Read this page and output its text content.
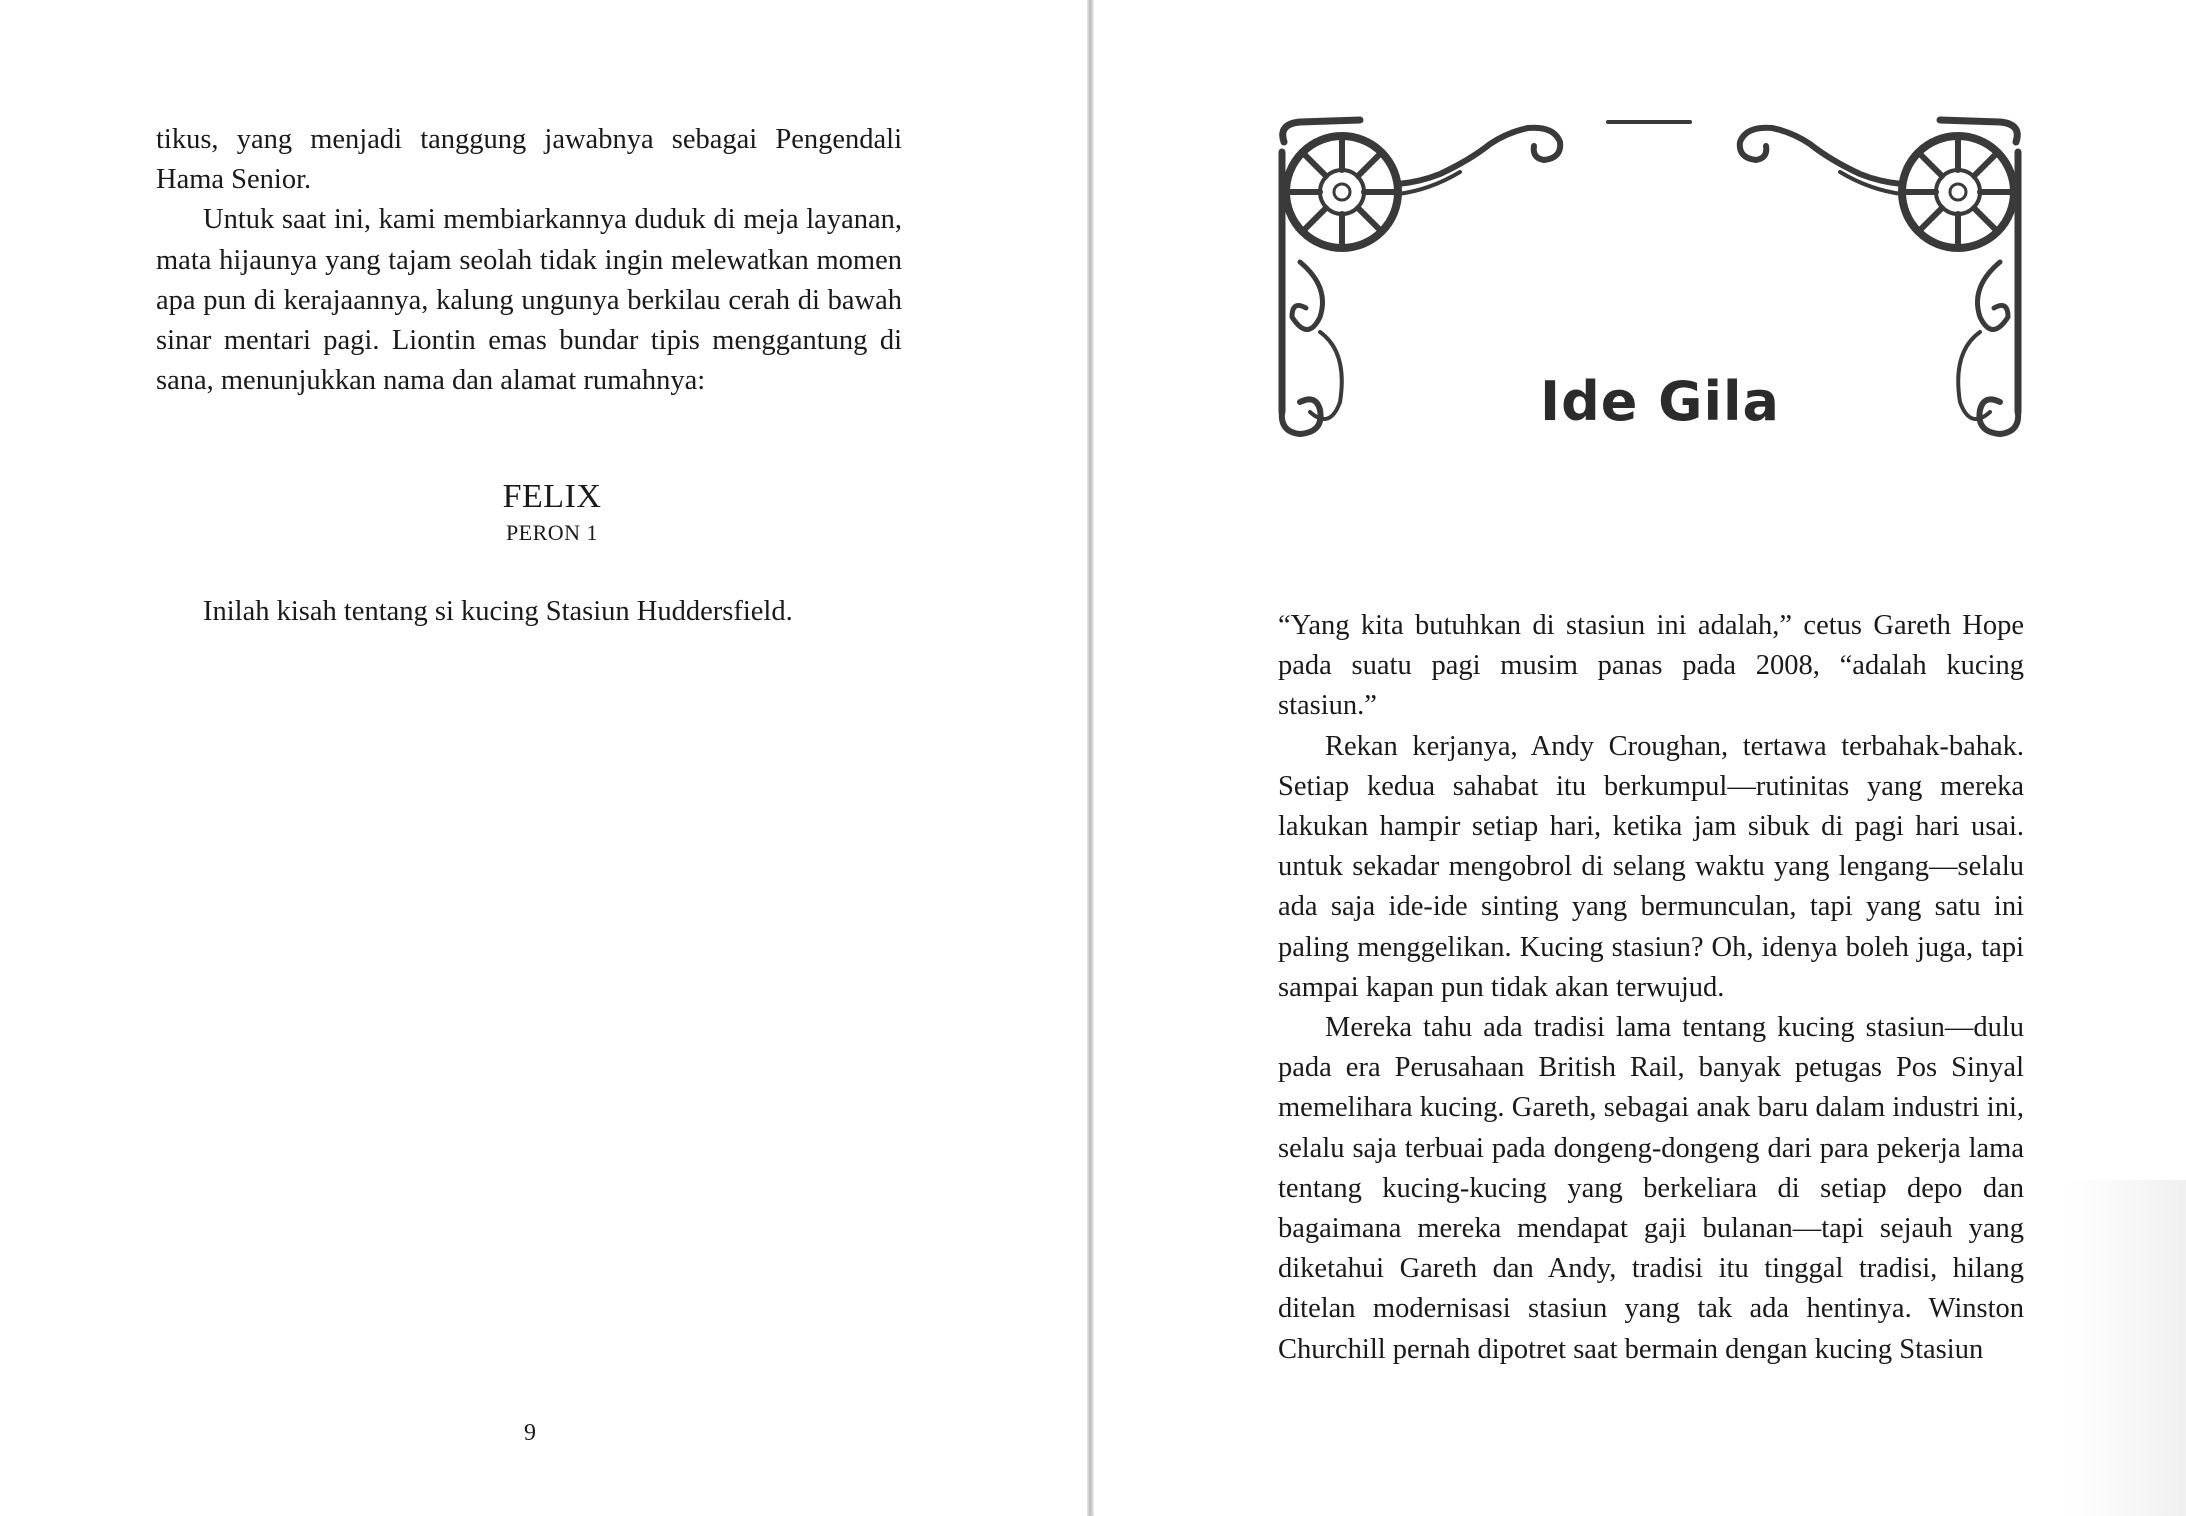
tikus, yang menjadi tanggung jawabnya sebagai Pengendali Hama Senior.

Untuk saat ini, kami membiarkannya duduk di meja layanan, mata hijaunya yang tajam seolah tidak ingin melewatkan momen apa pun di kerajaannya, kalung ungunya berkilau cerah di bawah sinar mentari pagi. Liontin emas bundar tipis menggantung di sana, menunjukkan nama dan alamat rumahnya:

FELIX
PERON 1

Inilah kisah tentang si kucing Stasiun Huddersfield.

9
Ide Gila

“Yang kita butuhkan di stasiun ini adalah,” cetus Gareth Hope pada suatu pagi musim panas pada 2008, “adalah kucing stasiun.”

Rekan kerjanya, Andy Croughan, tertawa terbahak-bahak. Setiap kedua sahabat itu berkumpul—rutinitas yang mereka lakukan hampir setiap hari, ketika jam sibuk di pagi hari usai. untuk sekadar mengobrol di selang waktu yang lengang—selalu ada saja ide-ide sinting yang bermunculan, tapi yang satu ini paling menggelikan. Kucing stasiun? Oh, idenya boleh juga, tapi sampai kapan pun tidak akan terwujud.

Mereka tahu ada tradisi lama tentang kucing stasiun—dulu pada era Perusahaan British Rail, banyak petugas Pos Sinyal memelihara kucing. Gareth, sebagai anak baru dalam industri ini, selalu saja terbuai pada dongeng-dongeng dari para pekerja lama tentang kucing-kucing yang berkeliara di setiap depo dan bagaimana mereka mendapat gaji bulanan—tapi sejauh yang diketahui Gareth dan Andy, tradisi itu tinggal tradisi, hilang ditelan modernisasi stasiun yang tak ada hentinya. Winston Churchill pernah dipotret saat bermain dengan kucing Stasiun
